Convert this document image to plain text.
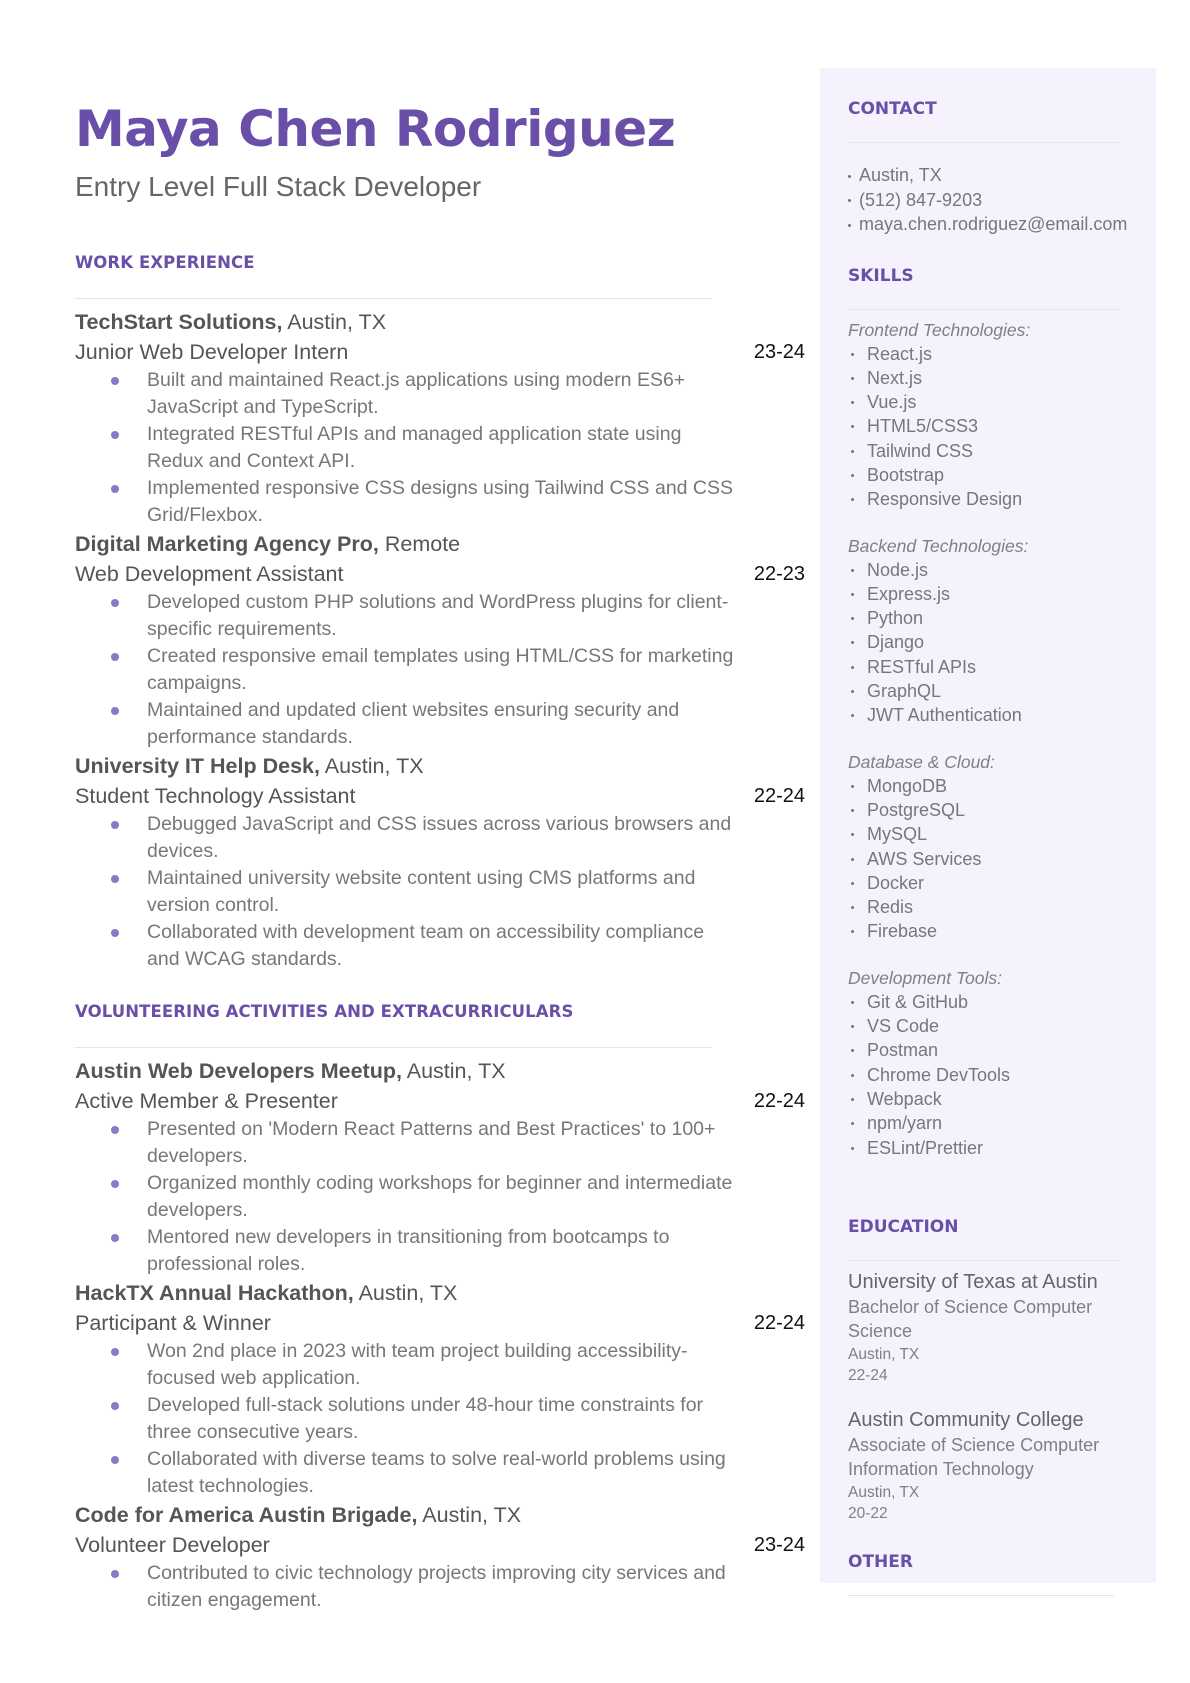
Maya Chen Rodriguez
Entry Level Full Stack Developer
WORK EXPERIENCE
TechStart Solutions, Austin, TX
Junior Web Developer Intern	23-24
Built and maintained React.js applications using modern ES6+ JavaScript and TypeScript.
Integrated RESTful APIs and managed application state using Redux and Context API.
Implemented responsive CSS designs using Tailwind CSS and CSS Grid/Flexbox.
Digital Marketing Agency Pro, Remote
Web Development Assistant	22-23
Developed custom PHP solutions and WordPress plugins for client-specific requirements.
Created responsive email templates using HTML/CSS for marketing campaigns.
Maintained and updated client websites ensuring security and performance standards.
University IT Help Desk, Austin, TX
Student Technology Assistant	22-24
Debugged JavaScript and CSS issues across various browsers and devices.
Maintained university website content using CMS platforms and version control.
Collaborated with development team on accessibility compliance and WCAG standards.
VOLUNTEERING ACTIVITIES AND EXTRACURRICULARS
Austin Web Developers Meetup, Austin, TX
Active Member & Presenter	22-24
Presented on 'Modern React Patterns and Best Practices' to 100+ developers.
Organized monthly coding workshops for beginner and intermediate developers.
Mentored new developers in transitioning from bootcamps to professional roles.
HackTX Annual Hackathon, Austin, TX
Participant & Winner	22-24
Won 2nd place in 2023 with team project building accessibility-focused web application.
Developed full-stack solutions under 48-hour time constraints for three consecutive years.
Collaborated with diverse teams to solve real-world problems using latest technologies.
Code for America Austin Brigade, Austin, TX
Volunteer Developer	23-24
Contributed to civic technology projects improving city services and citizen engagement.
CONTACT
Austin, TX
(512) 847-9203
maya.chen.rodriguez@email.com
SKILLS
Frontend Technologies:
React.js
Next.js
Vue.js
HTML5/CSS3
Tailwind CSS
Bootstrap
Responsive Design
Backend Technologies:
Node.js
Express.js
Python
Django
RESTful APIs
GraphQL
JWT Authentication
Database & Cloud:
MongoDB
PostgreSQL
MySQL
AWS Services
Docker
Redis
Firebase
Development Tools:
Git & GitHub
VS Code
Postman
Chrome DevTools
Webpack
npm/yarn
ESLint/Prettier
EDUCATION
University of Texas at Austin
Bachelor of Science Computer Science
Austin, TX
22-24
Austin Community College
Associate of Science Computer Information Technology
Austin, TX
20-22
OTHER
